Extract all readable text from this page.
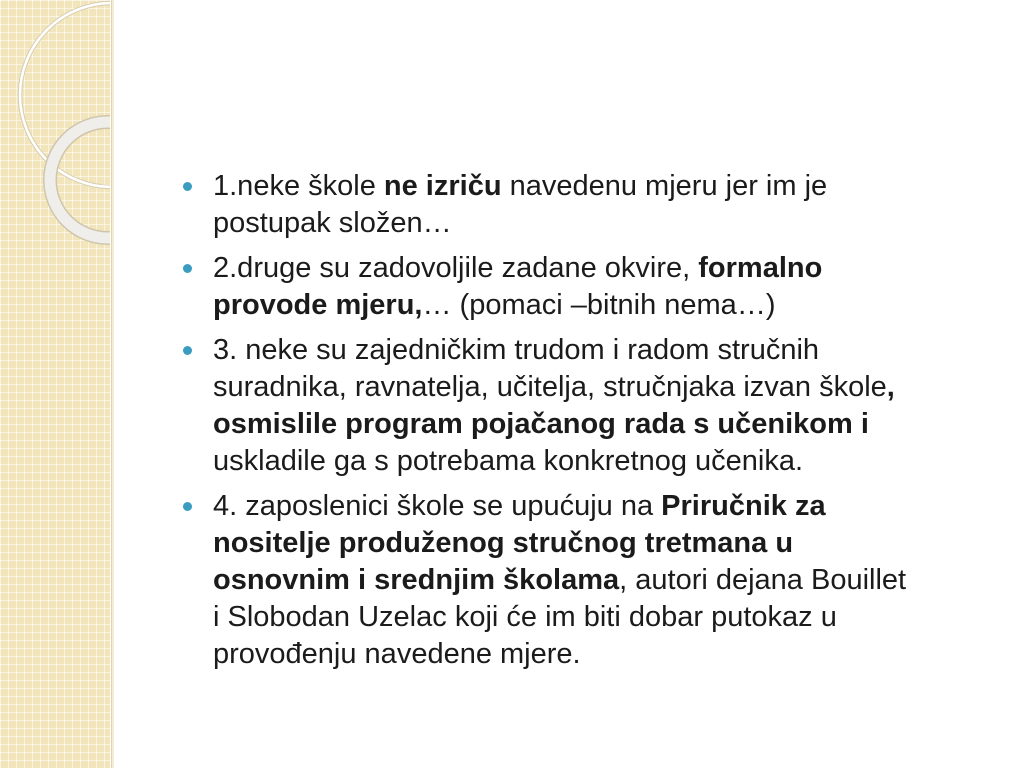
1.neke škole ne izriču navedenu mjeru jer im je
postupak složen…
2.druge su zadovoljile zadane okvire, formalno
provode mjeru,… (pomaci –bitnih nema…)
3. neke su zajedničkim trudom i radom stručnih
suradnika, ravnatelja, učitelja, stručnjaka izvan škole,
osmislile program pojačanog rada s učenikom i
uskladile ga s potrebama konkretnog učenika.
4. zaposlenici škole se upućuju na Priručnik za
nositelje produženog stručnog tretmana u
osnovnim i srednjim školama, autori dejana Bouillet
i Slobodan Uzelac koji će im biti dobar putokaz u
provođenju navedene mjere.
